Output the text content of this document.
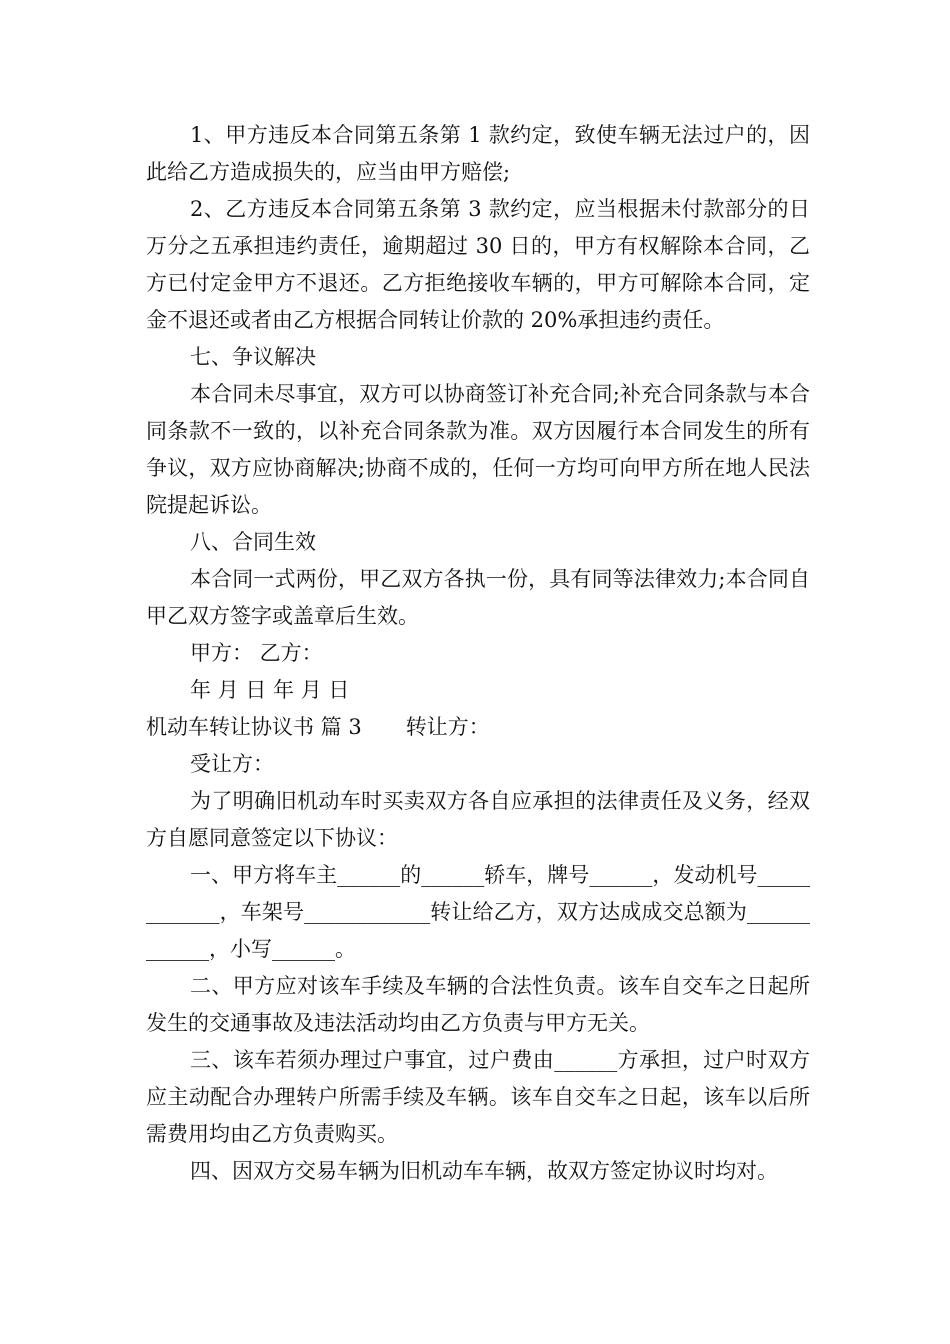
1、甲方违反本合同第五条第 1 款约定，致使车辆无法过户的，因此给乙方造成损失的，应当由甲方赔偿;

2、乙方违反本合同第五条第 3 款约定，应当根据未付款部分的日万分之五承担违约责任，逾期超过 30 日的，甲方有权解除本合同，乙方已付定金甲方不退还。乙方拒绝接收车辆的，甲方可解除本合同，定金不退还或者由乙方根据合同转让价款的 20%承担违约责任。

七、争议解决

本合同未尽事宜，双方可以协商签订补充合同;补充合同条款与本合同条款不一致的，以补充合同条款为准。双方因履行本合同发生的所有争议，双方应协商解决;协商不成的，任何一方均可向甲方所在地人民法院提起诉讼。

八、合同生效

本合同一式两份，甲乙双方各执一份，具有同等法律效力;本合同自甲乙双方签字或盖章后生效。

甲方： 乙方：

年 月 日 年 月 日

机动车转让协议书 篇 3 转让方：

受让方：

为了明确旧机动车时买卖双方各自应承担的法律责任及义务，经双方自愿同意签定以下协议：

一、甲方将车主______的______轿车，牌号______，发动机号____________，车架号____________转让给乙方，双方达成成交总额为____________，小写______。

二、甲方应对该车手续及车辆的合法性负责。该车自交车之日起所发生的交通事故及违法活动均由乙方负责与甲方无关。

三、该车若须办理过户事宜，过户费由______方承担，过户时双方应主动配合办理转户所需手续及车辆。该车自交车之日起，该车以后所需费用均由乙方负责购买。

四、因双方交易车辆为旧机动车车辆，故双方签定协议时均对。
